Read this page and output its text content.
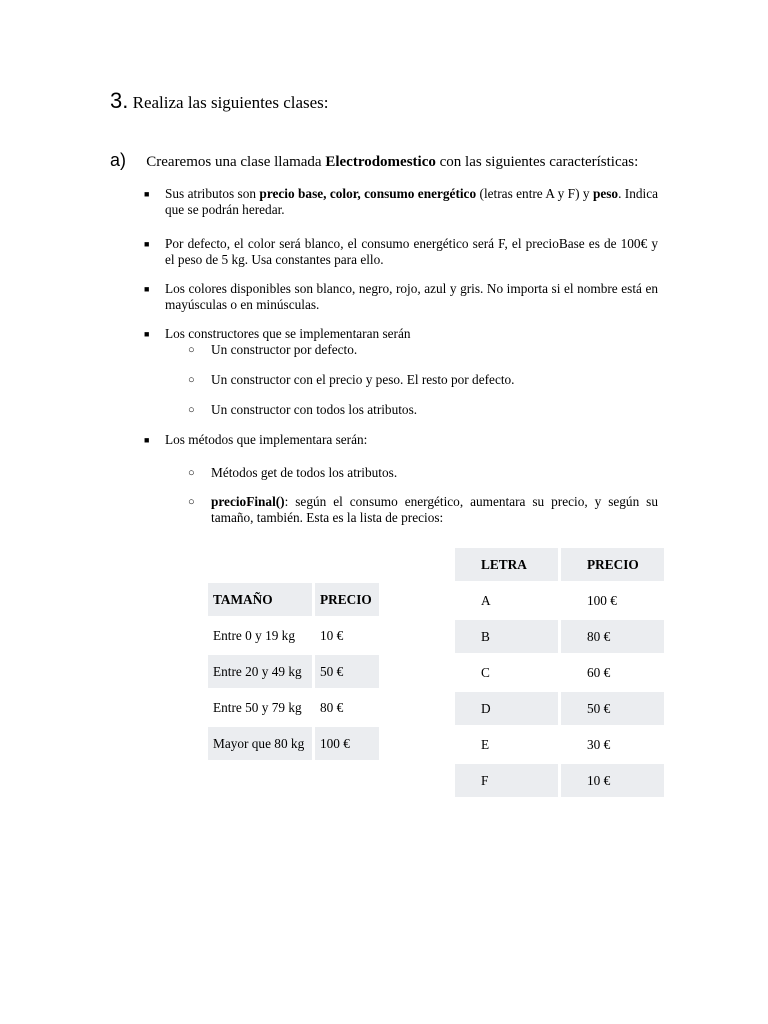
3. Realiza las siguientes clases:
a) Crearemos una clase llamada Electrodomestico con las siguientes características:
■ Sus atributos son precio base, color, consumo energético (letras entre A y F) y peso. Indica que se podrán heredar.
■ Por defecto, el color será blanco, el consumo energético será F, el precioBase es de 100€ y el peso de 5 kg. Usa constantes para ello.
■ Los colores disponibles son blanco, negro, rojo, azul y gris. No importa si el nombre está en mayúsculas o en minúsculas.
■ Los constructores que se implementaran serán
○ Un constructor por defecto.
○ Un constructor con el precio y peso. El resto por defecto.
○ Un constructor con todos los atributos.
■ Los métodos que implementara serán:
○ Métodos get de todos los atributos.
○ precioFinal(): según el consumo energético, aumentara su precio, y según su tamaño, también. Esta es la lista de precios:
TAMAÑO	PRECIO
Entre 0 y 19 kg	10 €
Entre 20 y 49 kg	50 €
Entre 50 y 79 kg	80 €
Mayor que 80 kg	100 €
LETRA	PRECIO
A	100 €
B	80 €
C	60 €
D	50 €
E	30 €
F	10 €
